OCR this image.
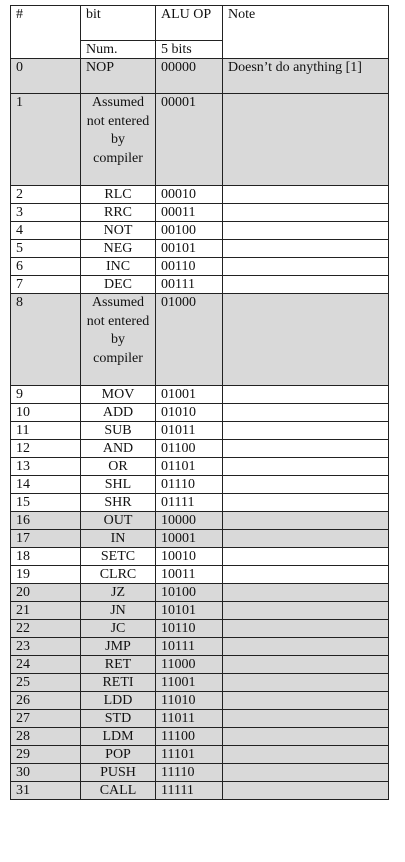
#	bit	ALU OP	Note
	Num.	5 bits	
0	NOP	00000	Doesn’t do anything [1]
1	Assumed not entered by compiler	00001	
2	RLC	00010	
3	RRC	00011	
4	NOT	00100	
5	NEG	00101	
6	INC	00110	
7	DEC	00111	
8	Assumed not entered by compiler	01000	
9	MOV	01001	
10	ADD	01010	
11	SUB	01011	
12	AND	01100	
13	OR	01101	
14	SHL	01110	
15	SHR	01111	
16	OUT	10000	
17	IN	10001	
18	SETC	10010	
19	CLRC	10011	
20	JZ	10100	
21	JN	10101	
22	JC	10110	
23	JMP	10111	
24	RET	11000	
25	RETI	11001	
26	LDD	11010	
27	STD	11011	
28	LDM	11100	
29	POP	11101	
30	PUSH	11110	
31	CALL	11111	
